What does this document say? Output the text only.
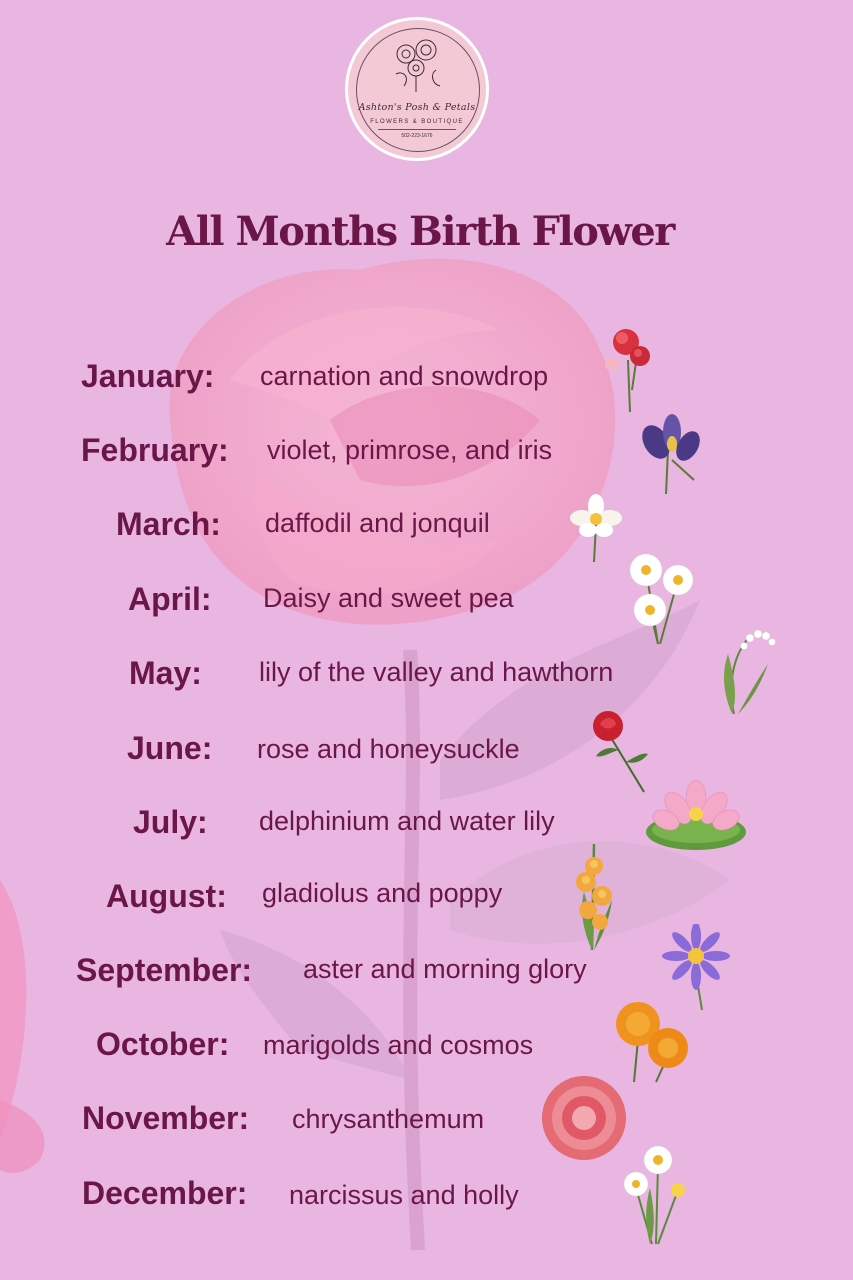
Ashton's Posh & Petals
FLOWERS & BOUTIQUE
502-223-1676
All Months Birth Flower
January: carnation and snowdrop
February: violet, primrose, and iris
March: daffodil and jonquil
April: Daisy and sweet pea
May: lily of the valley and hawthorn
June: rose and honeysuckle
July: delphinium and water lily
August: gladiolus and poppy
September: aster and morning glory
October: marigolds and cosmos
November: chrysanthemum
December: narcissus and holly
